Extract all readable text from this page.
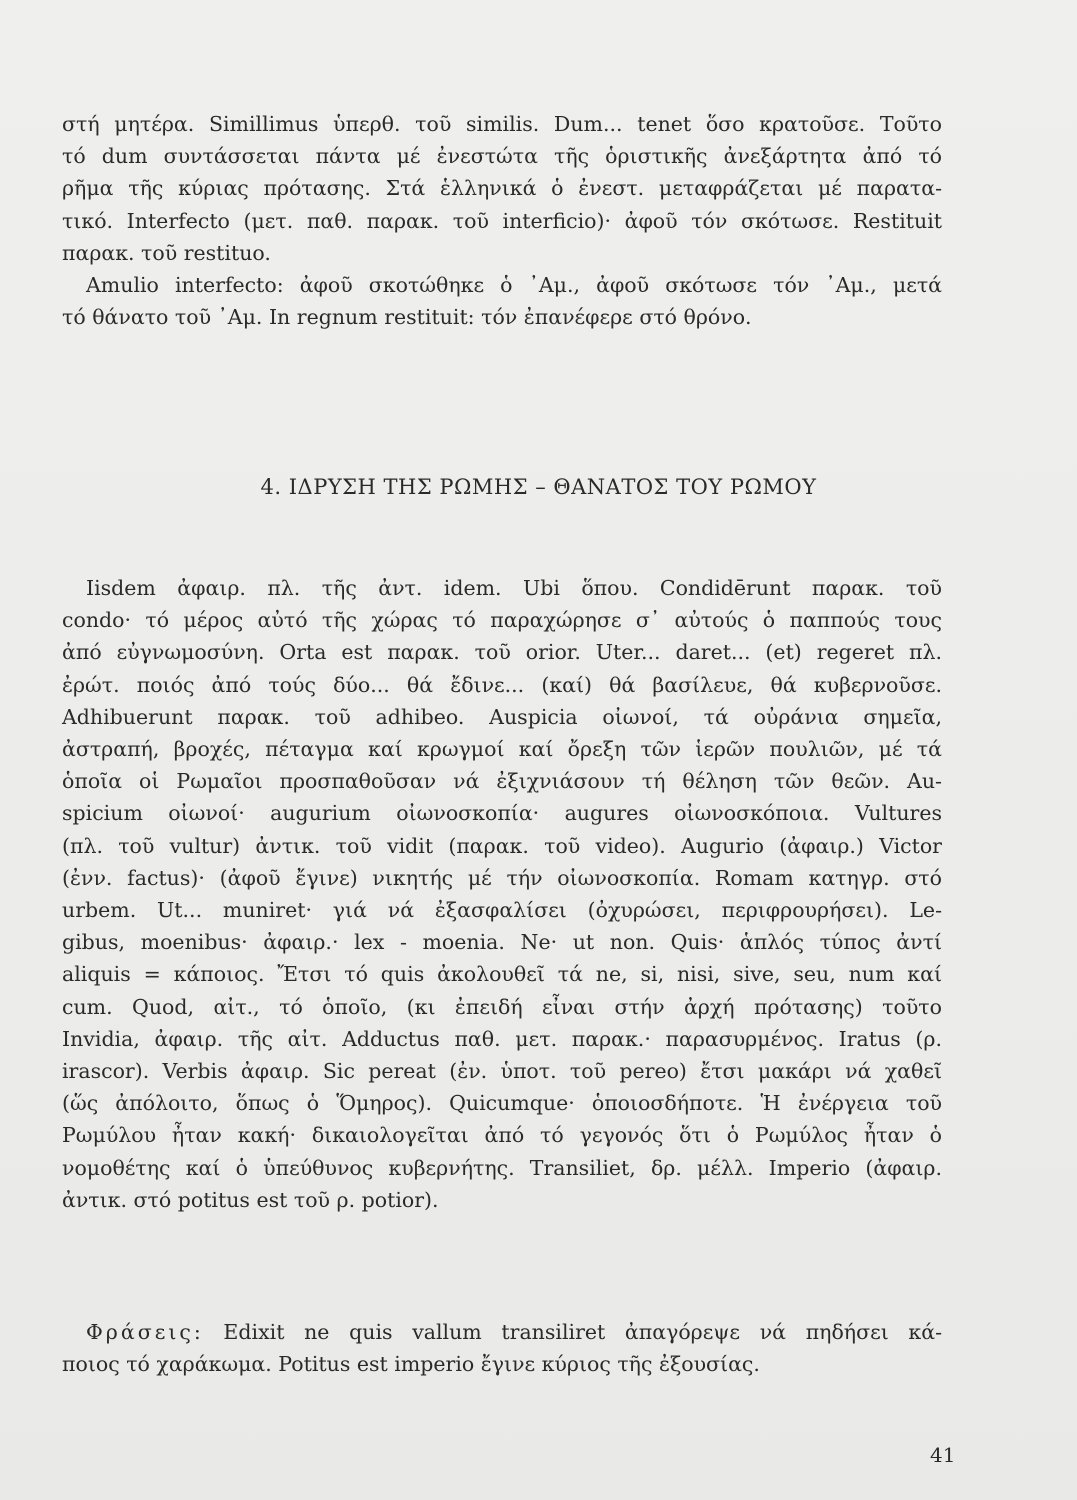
στή μητέρα. Simillimus ὑπερθ. τοῦ similis. Dum... tenet ὅσο κρατοῦσε. Τοῦτο
τό dum συντάσσεται πάντα μέ ἐνεστώτα τῆς ὁριστικῆς ἀνεξάρτητα ἀπό τό
ρῆμα τῆς κύριας πρότασης. Στά ἑλληνικά ὁ ἐνεστ. μεταφράζεται μέ παρατα-
τικό. Interfecto (μετ. παθ. παρακ. τοῦ interficio)· ἀφοῦ τόν σκότωσε. Restituit
παρακ. τοῦ restituo.
Amulio interfecto: ἀφοῦ σκοτώθηκε ὁ ᾿Αμ., ἀφοῦ σκότωσε τόν ᾿Αμ., μετά
τό θάνατο τοῦ ᾿Αμ. In regnum restituit: τόν ἐπανέφερε στό θρόνο.
4. ΙΔΡΥΣΗ ΤΗΣ ΡΩΜΗΣ – ΘΑΝΑΤΟΣ ΤΟΥ ΡΩΜΟΥ
Iisdem ἀφαιρ. πλ. τῆς ἀντ. idem. Ubi ὅπου. Condidērunt παρακ. τοῦ
condo· τό μέρος αὐτό τῆς χώρας τό παραχώρησε σ᾿ αὐτούς ὁ παππούς τους
ἀπό εὐγνωμοσύνη. Orta est παρακ. τοῦ orior. Uter... daret... (et) regeret πλ.
ἐρώτ. ποιός ἀπό τούς δύο... θά ἔδινε... (καί) θά βασίλευε, θά κυβερνοῦσε.
Adhibuerunt παρακ. τοῦ adhibeo. Auspicia οἰωνοί, τά οὐράνια σημεῖα,
ἀστραπή, βροχές, πέταγμα καί κρωγμοί καί ὄρεξη τῶν ἱερῶν πουλιῶν, μέ τά
ὁποῖα οἱ Ρωμαῖοι προσπαθοῦσαν νά ἐξιχνιάσουν τή θέληση τῶν θεῶν. Au-
spicium οἰωνοί· augurium οἰωνοσκοπία· augures οἰωνοσκόποια. Vultures
(πλ. τοῦ vultur) ἀντικ. τοῦ vidit (παρακ. τοῦ video). Augurio (ἀφαιρ.) Victor
(ἐνν. factus)· (ἀφοῦ ἔγινε) νικητής μέ τήν οἰωνοσκοπία. Romam κατηγρ. στό
urbem. Ut... muniret· γιά νά ἐξασφαλίσει (ὀχυρώσει, περιφρουρήσει). Le-
gibus, moenibus· ἀφαιρ.· lex - moenia. Ne· ut non. Quis· ἁπλός τύπος ἀντί
aliquis = κάποιος. Ἔτσι τό quis ἀκολουθεῖ τά ne, si, nisi, sive, seu, num καί
cum. Quod, αἰτ., τό ὁποῖο, (κι ἐπειδή εἶναι στήν ἀρχή πρότασης) τοῦτο
Invidia, ἀφαιρ. τῆς αἰτ. Adductus παθ. μετ. παρακ.· παρασυρμένος. Iratus (ρ.
irascor). Verbis ἀφαιρ. Sic pereat (ἐν. ὑποτ. τοῦ pereo) ἔτσι μακάρι νά χαθεῖ
(ὥς ἀπόλοιτο, ὅπως ὁ Ὅμηρος). Quicumque· ὁποιοσδήποτε. Ἡ ἐνέργεια τοῦ
Ρωμύλου ἦταν κακή· δικαιολογεῖται ἀπό τό γεγονός ὅτι ὁ Ρωμύλος ἦταν ὁ
νομοθέτης καί ὁ ὑπεύθυνος κυβερνήτης. Transiliet, δρ. μέλλ. Imperio (ἀφαιρ.
ἀντικ. στό potitus est τοῦ ρ. potior).
Φράσεις: Edixit ne quis vallum transiliret ἀπαγόρεψε νά πηδήσει κά-
ποιος τό χαράκωμα. Potitus est imperio ἔγινε κύριος τῆς ἐξουσίας.
41
